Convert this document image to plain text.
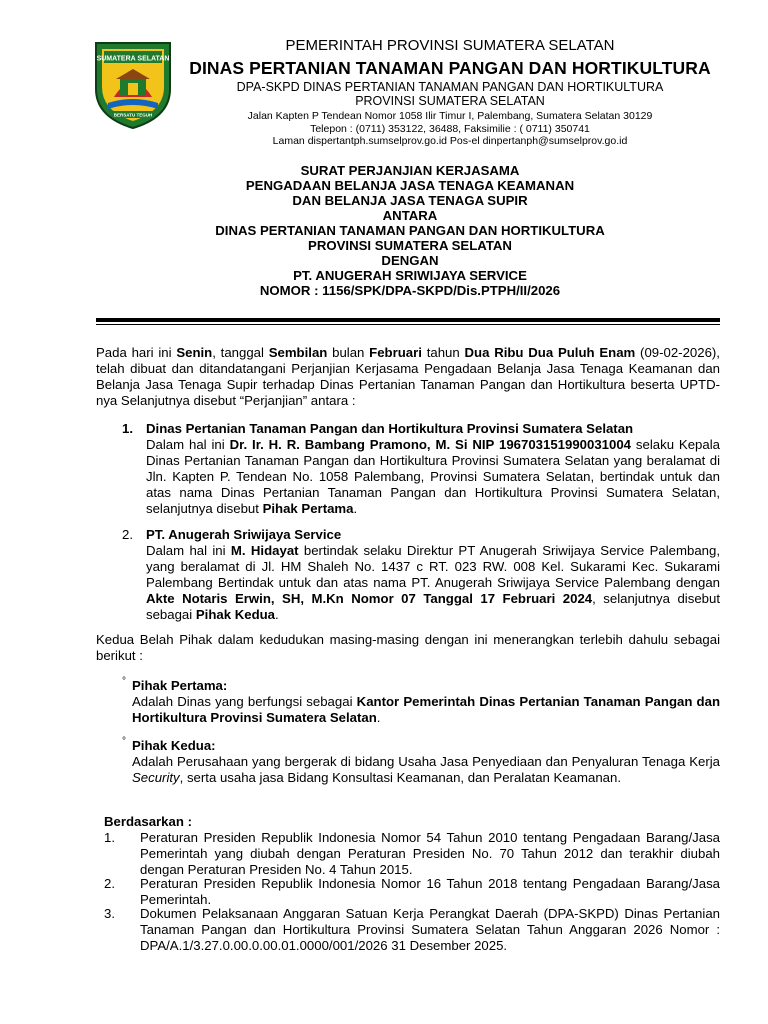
SUMATERA SELATAN
BERSATU TEGUH
PEMERINTAH PROVINSI SUMATERA SELATAN
DINAS PERTANIAN TANAMAN PANGAN DAN HORTIKULTURA
DPA-SKPD DINAS PERTANIAN TANAMAN PANGAN DAN HORTIKULTURA
PROVINSI SUMATERA SELATAN
Jalan Kapten P Tendean Nomor 1058 Ilir Timur I, Palembang, Sumatera Selatan 30129
Telepon : (0711) 353122, 36488, Faksimilie : ( 0711) 350741
Laman dispertantph.sumselprov.go.id Pos-el dinpertanph@sumselprov.go.id
SURAT PERJANJIAN KERJASAMA
PENGADAAN BELANJA JASA TENAGA KEAMANAN
DAN BELANJA JASA TENAGA SUPIR
ANTARA
DINAS PERTANIAN TANAMAN PANGAN DAN HORTIKULTURA
PROVINSI SUMATERA SELATAN
DENGAN
PT. ANUGERAH SRIWIJAYA SERVICE
NOMOR : 1156/SPK/DPA-SKPD/Dis.PTPH/II/2026
Pada hari ini Senin, tanggal Sembilan bulan Februari tahun Dua Ribu Dua Puluh Enam (09-02-2026), telah dibuat dan ditandatangani Perjanjian Kerjasama Pengadaan Belanja Jasa Tenaga Keamanan dan Belanja Jasa Tenaga Supir terhadap Dinas Pertanian Tanaman Pangan dan Hortikultura beserta UPTD-nya Selanjutnya disebut “Perjanjian” antara :
1. Dinas Pertanian Tanaman Pangan dan Hortikultura Provinsi Sumatera Selatan
Dalam hal ini Dr. Ir. H. R. Bambang Pramono, M. Si NIP 196703151990031004 selaku Kepala Dinas Pertanian Tanaman Pangan dan Hortikultura Provinsi Sumatera Selatan yang beralamat di Jln. Kapten P. Tendean No. 1058 Palembang, Provinsi Sumatera Selatan, bertindak untuk dan atas nama Dinas Pertanian Tanaman Pangan dan Hortikultura Provinsi Sumatera Selatan, selanjutnya disebut Pihak Pertama.
2. PT. Anugerah Sriwijaya Service
Dalam hal ini M. Hidayat bertindak selaku Direktur PT Anugerah Sriwijaya Service Palembang, yang beralamat di Jl. HM Shaleh No. 1437 c RT. 023 RW. 008 Kel. Sukarami Kec. Sukarami Palembang Bertindak untuk dan atas nama PT. Anugerah Sriwijaya Service Palembang dengan Akte Notaris Erwin, SH, M.Kn Nomor 07 Tanggal 17 Februari 2024, selanjutnya disebut sebagai Pihak Kedua.
Kedua Belah Pihak dalam kedudukan masing-masing dengan ini menerangkan terlebih dahulu sebagai berikut :
° Pihak Pertama:
Adalah Dinas yang berfungsi sebagai Kantor Pemerintah Dinas Pertanian Tanaman Pangan dan Hortikultura Provinsi Sumatera Selatan.
° Pihak Kedua:
Adalah Perusahaan yang bergerak di bidang Usaha Jasa Penyediaan dan Penyaluran Tenaga Kerja Security, serta usaha jasa Bidang Konsultasi Keamanan, dan Peralatan Keamanan.
Berdasarkan :
1. Peraturan Presiden Republik Indonesia Nomor 54 Tahun 2010 tentang Pengadaan Barang/Jasa Pemerintah yang diubah dengan Peraturan Presiden No. 70 Tahun 2012 dan terakhir diubah dengan Peraturan Presiden No. 4 Tahun 2015.
2. Peraturan Presiden Republik Indonesia Nomor 16 Tahun 2018 tentang Pengadaan Barang/Jasa Pemerintah.
3. Dokumen Pelaksanaan Anggaran Satuan Kerja Perangkat Daerah (DPA-SKPD) Dinas Pertanian Tanaman Pangan dan Hortikultura Provinsi Sumatera Selatan Tahun Anggaran 2026 Nomor : DPA/A.1/3.27.0.00.0.00.01.0000/001/2026 31 Desember 2025.
